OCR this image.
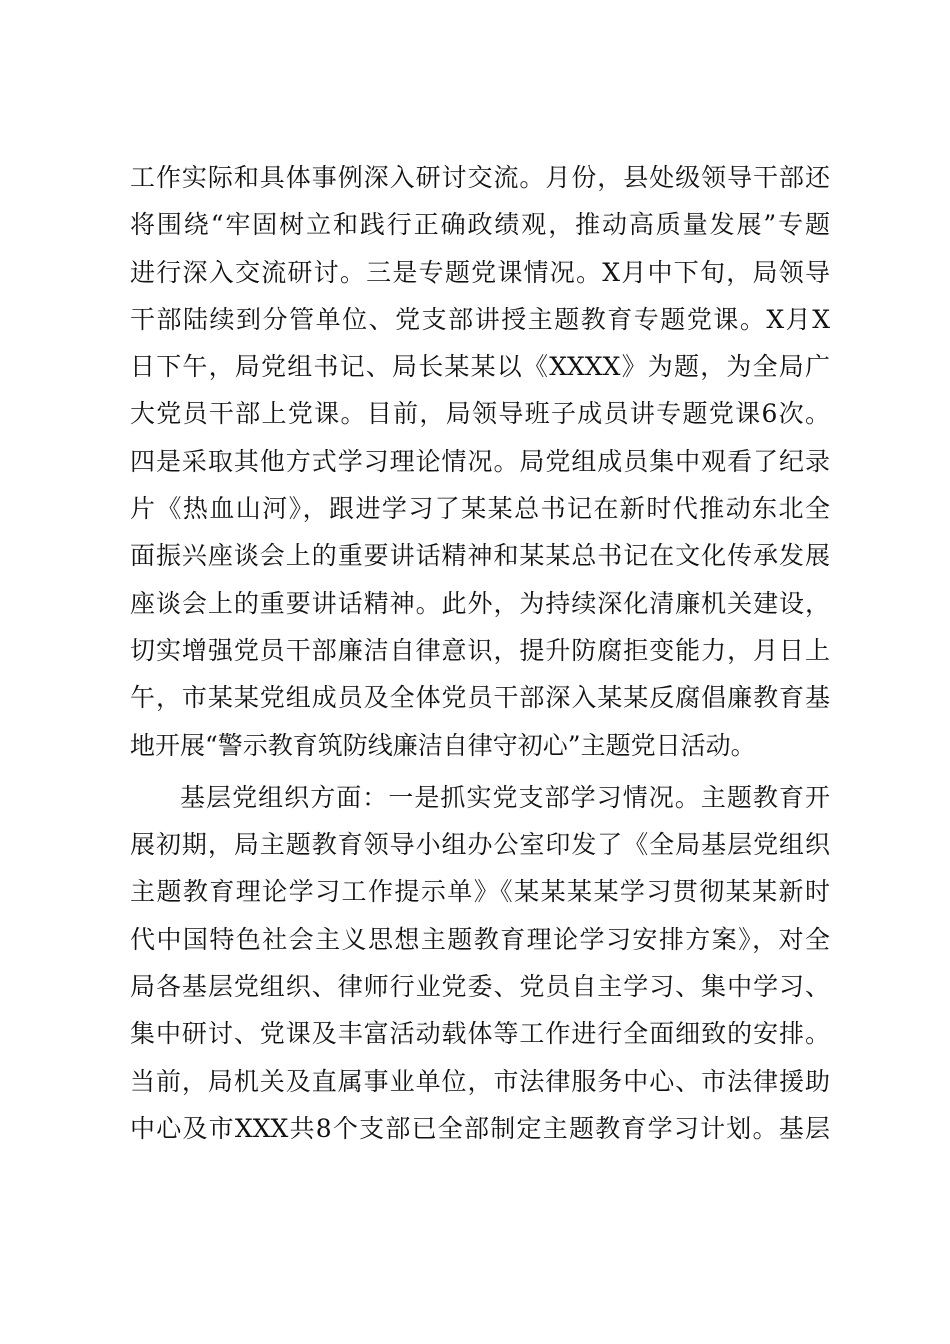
工作实际和具体事例深入研讨交流。月份，县处级领导干部还
将围绕“牢固树立和践行正确政绩观，推动高质量发展”专题
进行深入交流研讨。三是专题党课情况。X月中下旬，局领导
干部陆续到分管单位、党支部讲授主题教育专题党课。X月X
日下午，局党组书记、局长某某以《XXXX》为题，为全局广
大党员干部上党课。目前，局领导班子成员讲专题党课6次。
四是采取其他方式学习理论情况。局党组成员集中观看了纪录
片《热血山河》，跟进学习了某某总书记在新时代推动东北全
面振兴座谈会上的重要讲话精神和某某总书记在文化传承发展
座谈会上的重要讲话精神。此外，为持续深化清廉机关建设，
切实增强党员干部廉洁自律意识，提升防腐拒变能力，月日上
午，市某某党组成员及全体党员干部深入某某反腐倡廉教育基
地开展“警示教育筑防线廉洁自律守初心”主题党日活动。
基层党组织方面：一是抓实党支部学习情况。主题教育开
展初期，局主题教育领导小组办公室印发了《全局基层党组织
主题教育理论学习工作提示单》《某某某某学习贯彻某某新时
代中国特色社会主义思想主题教育理论学习安排方案》，对全
局各基层党组织、律师行业党委、党员自主学习、集中学习、
集中研讨、党课及丰富活动载体等工作进行全面细致的安排。
当前，局机关及直属事业单位，市法律服务中心、市法律援助
中心及市XXX共8个支部已全部制定主题教育学习计划。基层
